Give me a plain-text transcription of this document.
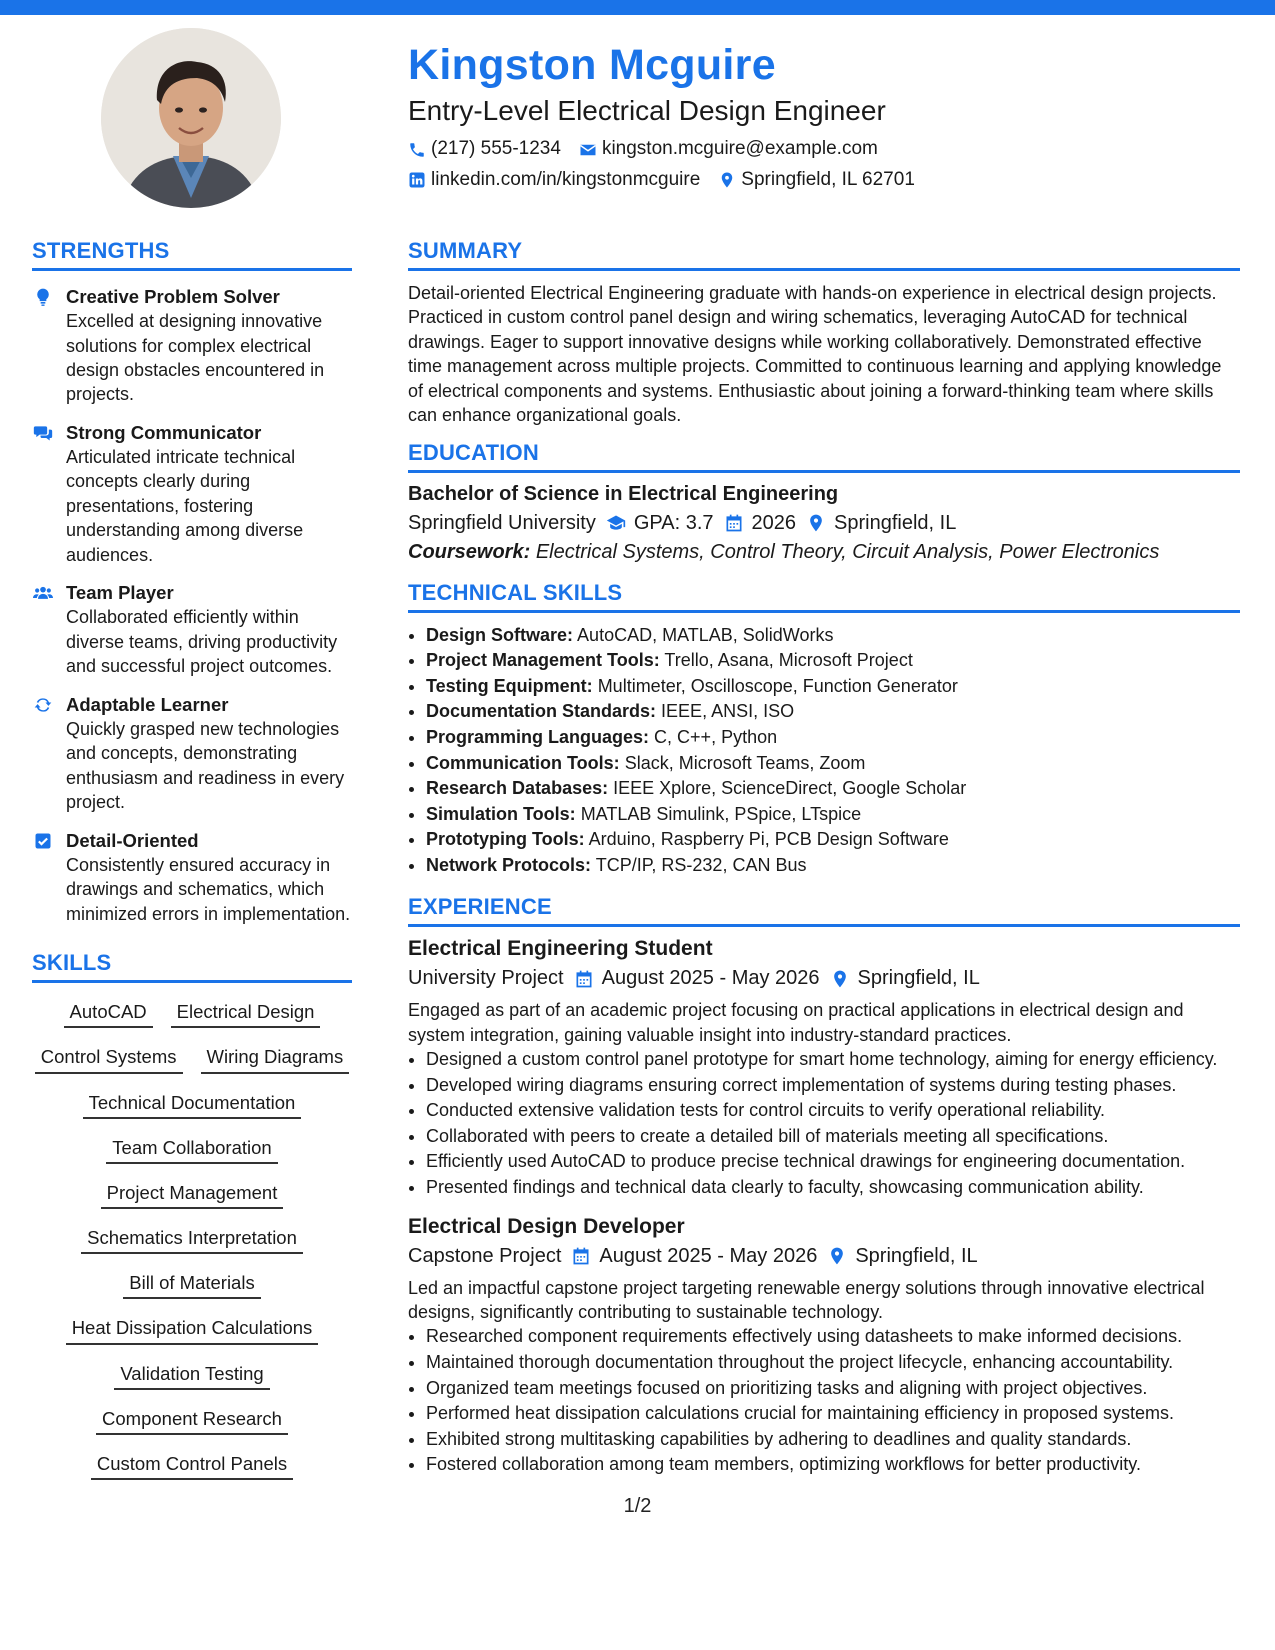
Kingston Mcguire
Entry-Level Electrical Design Engineer
(217) 555-1234 kingston.mcguire@example.com
linkedin.com/in/kingstonmcguire Springfield, IL 62701
STRENGTHS
Creative Problem Solver
Excelled at designing innovative solutions for complex electrical design obstacles encountered in projects.
Strong Communicator
Articulated intricate technical concepts clearly during presentations, fostering understanding among diverse audiences.
Team Player
Collaborated efficiently within diverse teams, driving productivity and successful project outcomes.
Adaptable Learner
Quickly grasped new technologies and concepts, demonstrating enthusiasm and readiness in every project.
Detail-Oriented
Consistently ensured accuracy in drawings and schematics, which minimized errors in implementation.
SKILLS
AutoCAD	Electrical Design
Control Systems	Wiring Diagrams
Technical Documentation
Team Collaboration
Project Management
Schematics Interpretation
Bill of Materials
Heat Dissipation Calculations
Validation Testing
Component Research
Custom Control Panels
SUMMARY

Detail-oriented Electrical Engineering graduate with hands-on experience in electrical design projects. Practiced in custom control panel design and wiring schematics, leveraging AutoCAD for technical drawings. Eager to support innovative designs while working collaboratively. Demonstrated effective time management across multiple projects. Committed to continuous learning and applying knowledge of electrical components and systems. Enthusiastic about joining a forward-thinking team where skills can enhance organizational goals.

EDUCATION
Bachelor of Science in Electrical Engineering
Springfield University GPA: 3.7 2026 Springfield, IL
Coursework: Electrical Systems, Control Theory, Circuit Analysis, Power Electronics
TECHNICAL SKILLS
• Design Software: AutoCAD, MATLAB, SolidWorks
• Project Management Tools: Trello, Asana, Microsoft Project
• Testing Equipment: Multimeter, Oscilloscope, Function Generator
• Documentation Standards: IEEE, ANSI, ISO
• Programming Languages: C, C++, Python
• Communication Tools: Slack, Microsoft Teams, Zoom
• Research Databases: IEEE Xplore, ScienceDirect, Google Scholar
• Simulation Tools: MATLAB Simulink, PSpice, LTspice
• Prototyping Tools: Arduino, Raspberry Pi, PCB Design Software
• Network Protocols: TCP/IP, RS-232, CAN Bus
EXPERIENCE
Electrical Engineering Student
University Project August 2025 - May 2026 Springfield, IL
Engaged as part of an academic project focusing on practical applications in electrical design and system integration, gaining valuable insight into industry-standard practices.
• Designed a custom control panel prototype for smart home technology, aiming for energy efficiency.
• Developed wiring diagrams ensuring correct implementation of systems during testing phases.
• Conducted extensive validation tests for control circuits to verify operational reliability.
• Collaborated with peers to create a detailed bill of materials meeting all specifications.
• Efficiently used AutoCAD to produce precise technical drawings for engineering documentation.
• Presented findings and technical data clearly to faculty, showcasing communication ability.
Electrical Design Developer
Capstone Project August 2025 - May 2026 Springfield, IL
Led an impactful capstone project targeting renewable energy solutions through innovative electrical designs, significantly contributing to sustainable technology.
• Researched component requirements effectively using datasheets to make informed decisions.
• Maintained thorough documentation throughout the project lifecycle, enhancing accountability.
• Organized team meetings focused on prioritizing tasks and aligning with project objectives.
• Performed heat dissipation calculations crucial for maintaining efficiency in proposed systems.
• Exhibited strong multitasking capabilities by adhering to deadlines and quality standards.
• Fostered collaboration among team members, optimizing workflows for better productivity.
1/2
